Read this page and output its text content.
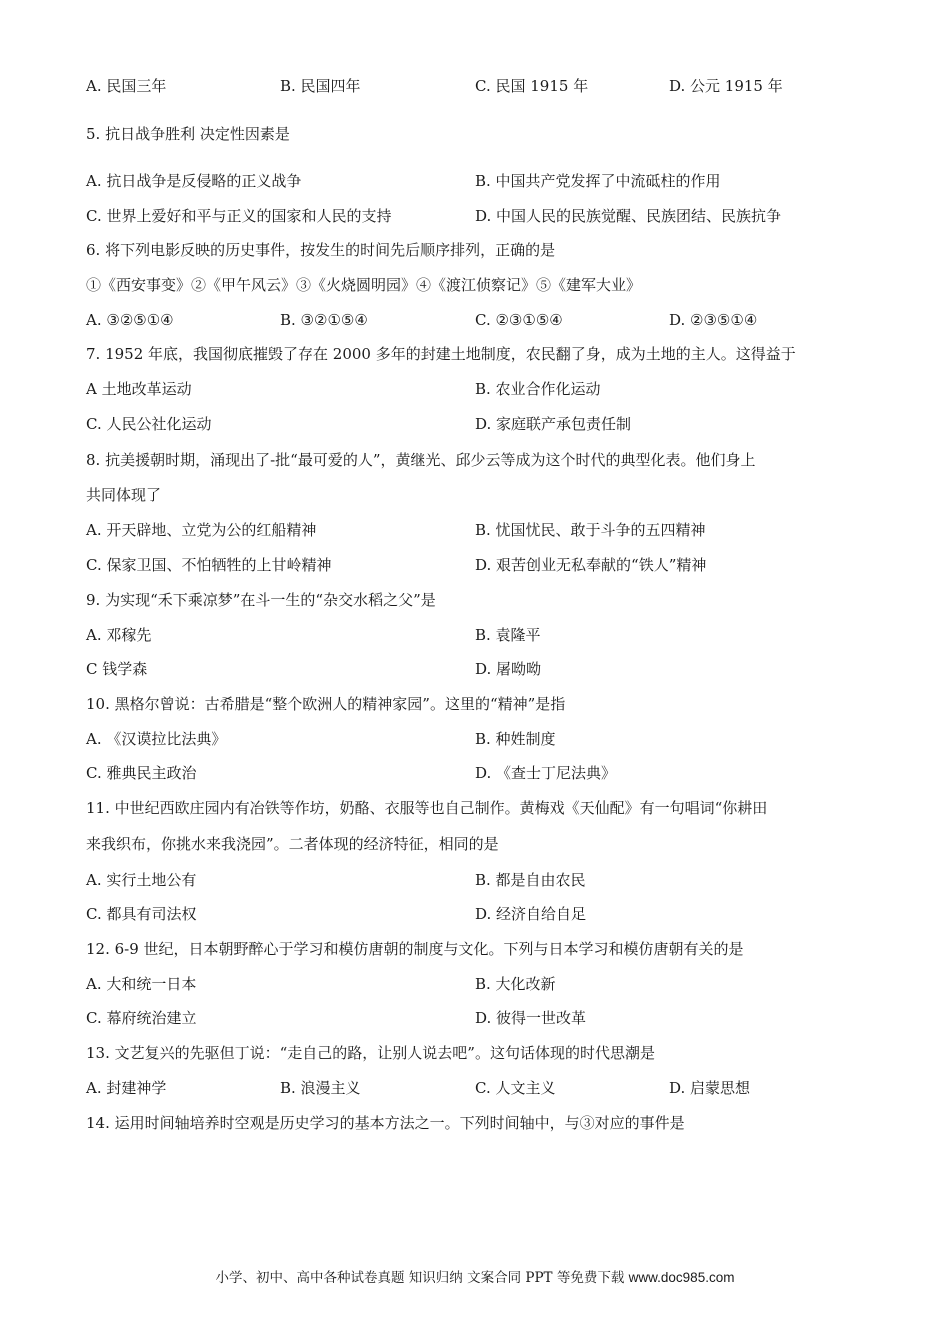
A. 民国三年	B. 民国四年	C. 民国 1915 年	D. 公元 1915 年
5. 抗日战争胜利 决定性因素是
A. 抗日战争是反侵略的正义战争	B. 中国共产党发挥了中流砥柱的作用
C. 世界上爱好和平与正义的国家和人民的支持	D. 中国人民的民族觉醒、民族团结、民族抗争
6. 将下列电影反映的历史事件，按发生的时间先后顺序排列，正确的是
①《西安事变》②《甲午风云》③《火烧圆明园》④《渡江侦察记》⑤《建军大业》
A. ③②⑤①④	B. ③②①⑤④	C. ②③①⑤④	D. ②③⑤①④
7. 1952 年底，我国彻底摧毁了存在 2000 多年的封建土地制度，农民翻了身，成为土地的主人。这得益于
A 土地改革运动	B. 农业合作化运动
C. 人民公社化运动	D. 家庭联产承包责任制
8. 抗美援朝时期，涌现出了-批“最可爱的人”，黄继光、邱少云等成为这个时代的典型化表。他们身上
共同体现了
A. 开天辟地、立党为公的红船精神	B. 忧国忧民、敢于斗争的五四精神
C. 保家卫国、不怕牺牲的上甘岭精神	D. 艰苦创业无私奉献的“铁人”精神
9. 为实现“禾下乘凉梦”在斗一生的“杂交水稻之父”是
A. 邓稼先	B. 袁隆平
C 钱学森	D. 屠呦呦
10. 黑格尔曾说：古希腊是“整个欧洲人的精神家园”。这里的“精神”是指
A. 《汉谟拉比法典》	B. 种姓制度
C. 雅典民主政治	D. 《查士丁尼法典》
11. 中世纪西欧庄园内有冶铁等作坊，奶酪、衣服等也自己制作。黄梅戏《天仙配》有一句唱词“你耕田
来我织布，你挑水来我浇园”。二者体现的经济特征，相同的是
A. 实行土地公有	B. 都是自由农民
C. 都具有司法权	D. 经济自给自足
12. 6-9 世纪，日本朝野醉心于学习和模仿唐朝的制度与文化。下列与日本学习和模仿唐朝有关的是
A. 大和统一日本	B. 大化改新
C. 幕府统治建立	D. 彼得一世改革
13. 文艺复兴的先驱但丁说：“走自己的路，让别人说去吧”。这句话体现的时代思潮是
A. 封建神学	B. 浪漫主义	C. 人文主义	D. 启蒙思想
14. 运用时间轴培养时空观是历史学习的基本方法之一。下列时间轴中，与③对应的事件是
小学、初中、高中各种试卷真题 知识归纳 文案合同 PPT 等免费下载 www.doc985.com
